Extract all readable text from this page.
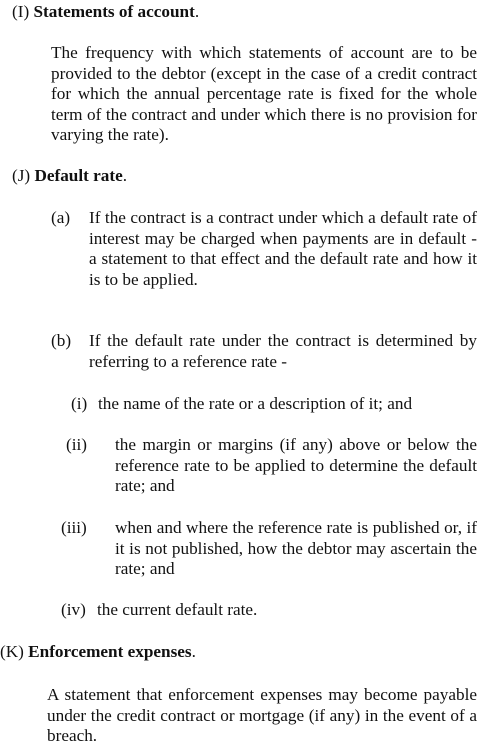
(I) Statements of account.
The frequency with which statements of account are to be provided to the debtor (except in the case of a credit contract for which the annual percentage rate is fixed for the whole term of the contract and under which there is no provision for varying the rate).
(J) Default rate.
(a) If the contract is a contract under which a default rate of interest may be charged when payments are in default - a statement to that effect and the default rate and how it is to be applied.
(b) If the default rate under the contract is determined by referring to a reference rate -
(i) the name of the rate or a description of it; and
(ii)	the margin or margins (if any) above or below the reference rate to be applied to determine the default rate; and
(iii)	when and where the reference rate is published or, if it is not published, how the debtor may ascertain the rate; and
(iv) the current default rate.
(K) Enforcement expenses.
A statement that enforcement expenses may become payable under the credit contract or mortgage (if any) in the event of a breach.
